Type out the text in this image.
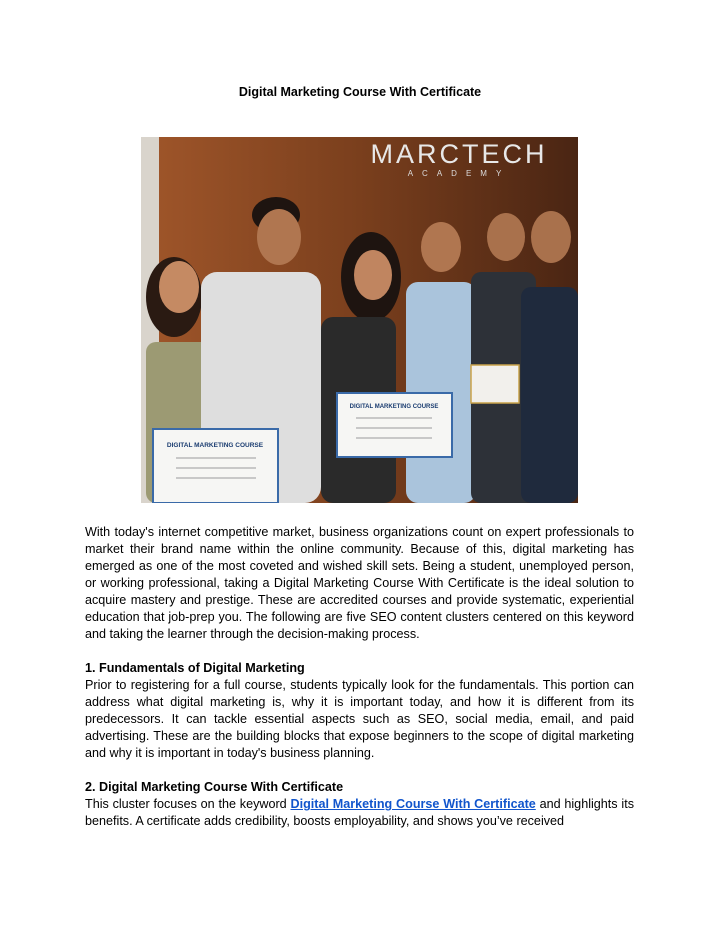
Digital Marketing Course With Certificate
MARCTECH
ACADEMY
DIGITAL MARKETING COURSE
DIGITAL MARKETING COURSE

With today's internet competitive market, business organizations count on expert professionals to market their brand name within the online community. Because of this, digital marketing has emerged as one of the most coveted and wished skill sets. Being a student, unemployed person, or working professional, taking a Digital Marketing Course With Certificate is the ideal solution to acquire mastery and prestige. These are accredited courses and provide systematic, experiential education that job-prep you. The following are five SEO content clusters centered on this keyword and taking the learner through the decision-making process.

1. Fundamentals of Digital Marketing

Prior to registering for a full course, students typically look for the fundamentals. This portion can address what digital marketing is, why it is important today, and how it is different from its predecessors. It can tackle essential aspects such as SEO, social media, email, and paid advertising. These are the building blocks that expose beginners to the scope of digital marketing and why it is important in today's business planning.

2. Digital Marketing Course With Certificate

This cluster focuses on the keyword Digital Marketing Course With Certificate and highlights its benefits. A certificate adds credibility, boosts employability, and shows you’ve received
